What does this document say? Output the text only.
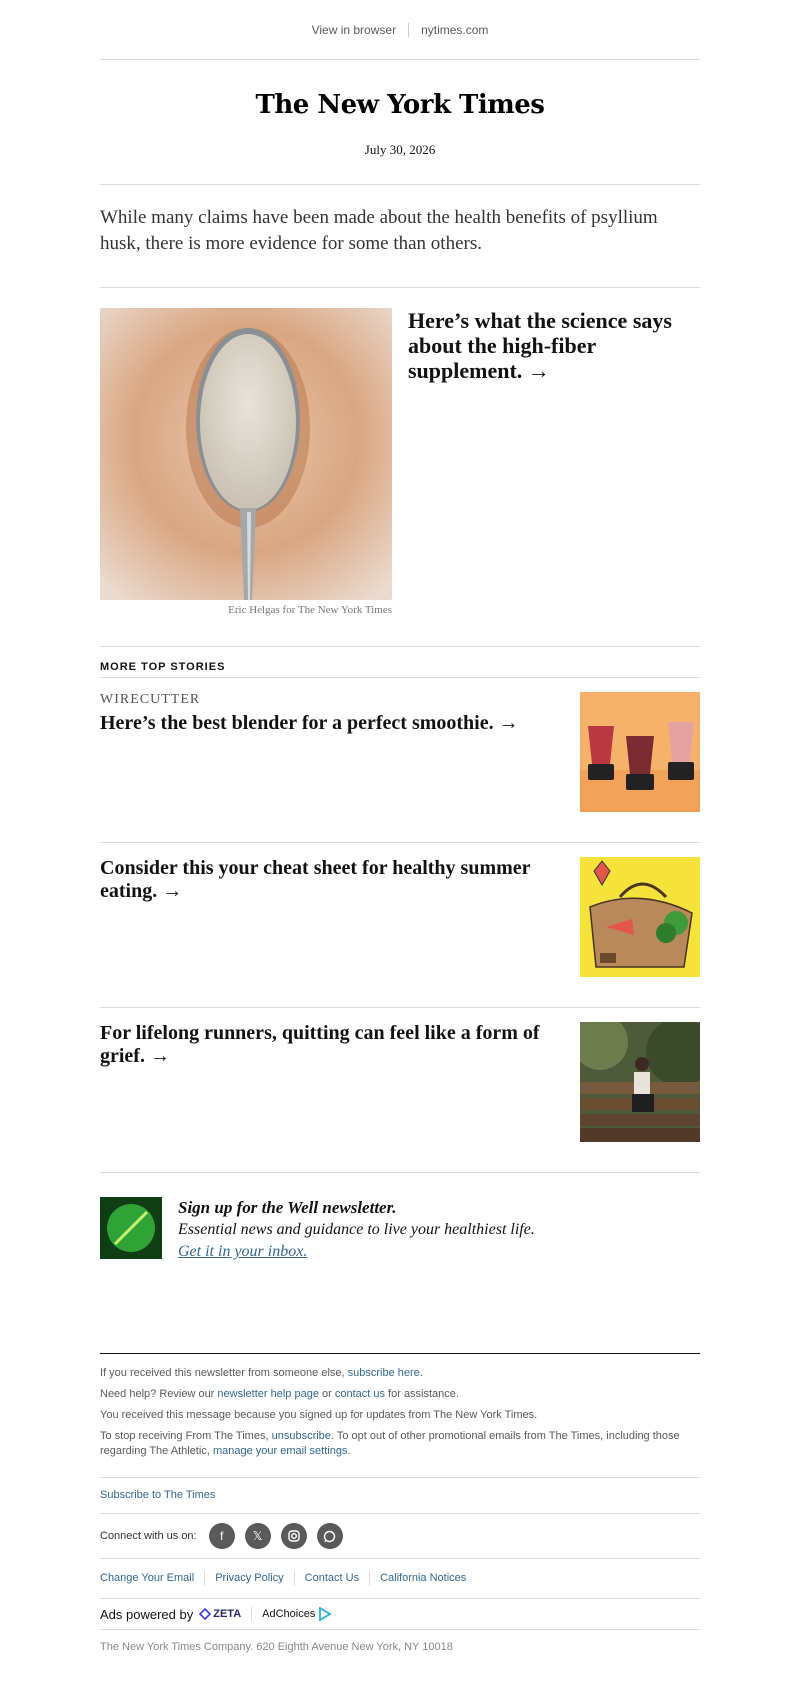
View in browser nytimes.com
The New York Times
July 30, 2026
While many claims have been made about the health benefits of psyllium husk, there is more evidence for some than others.
Eric Helgas for The New York Times
Here’s what the science says about the high-fiber supplement. →
MORE TOP STORIES
WIRECUTTER
Here’s the best blender for a perfect smoothie. →
Consider this your cheat sheet for healthy summer eating. →
For lifelong runners, quitting can feel like a form of grief. →
Sign up for the Well newsletter.
Essential news and guidance to live your healthiest life.
Get it in your inbox.

If you received this newsletter from someone else, subscribe here.

Need help? Review our newsletter help page or contact us for assistance.

You received this message because you signed up for updates from The New York Times.

To stop receiving From The Times, unsubscribe. To opt out of other promotional emails from The Times, including those regarding The Athletic, manage your email settings.

Subscribe to The Times
Connect with us on:	f	𝕏
Change Your Email	Privacy Policy	Contact Us	California Notices
Ads powered by ZETA AdChoices
The New York Times Company. 620 Eighth Avenue New York, NY 10018
